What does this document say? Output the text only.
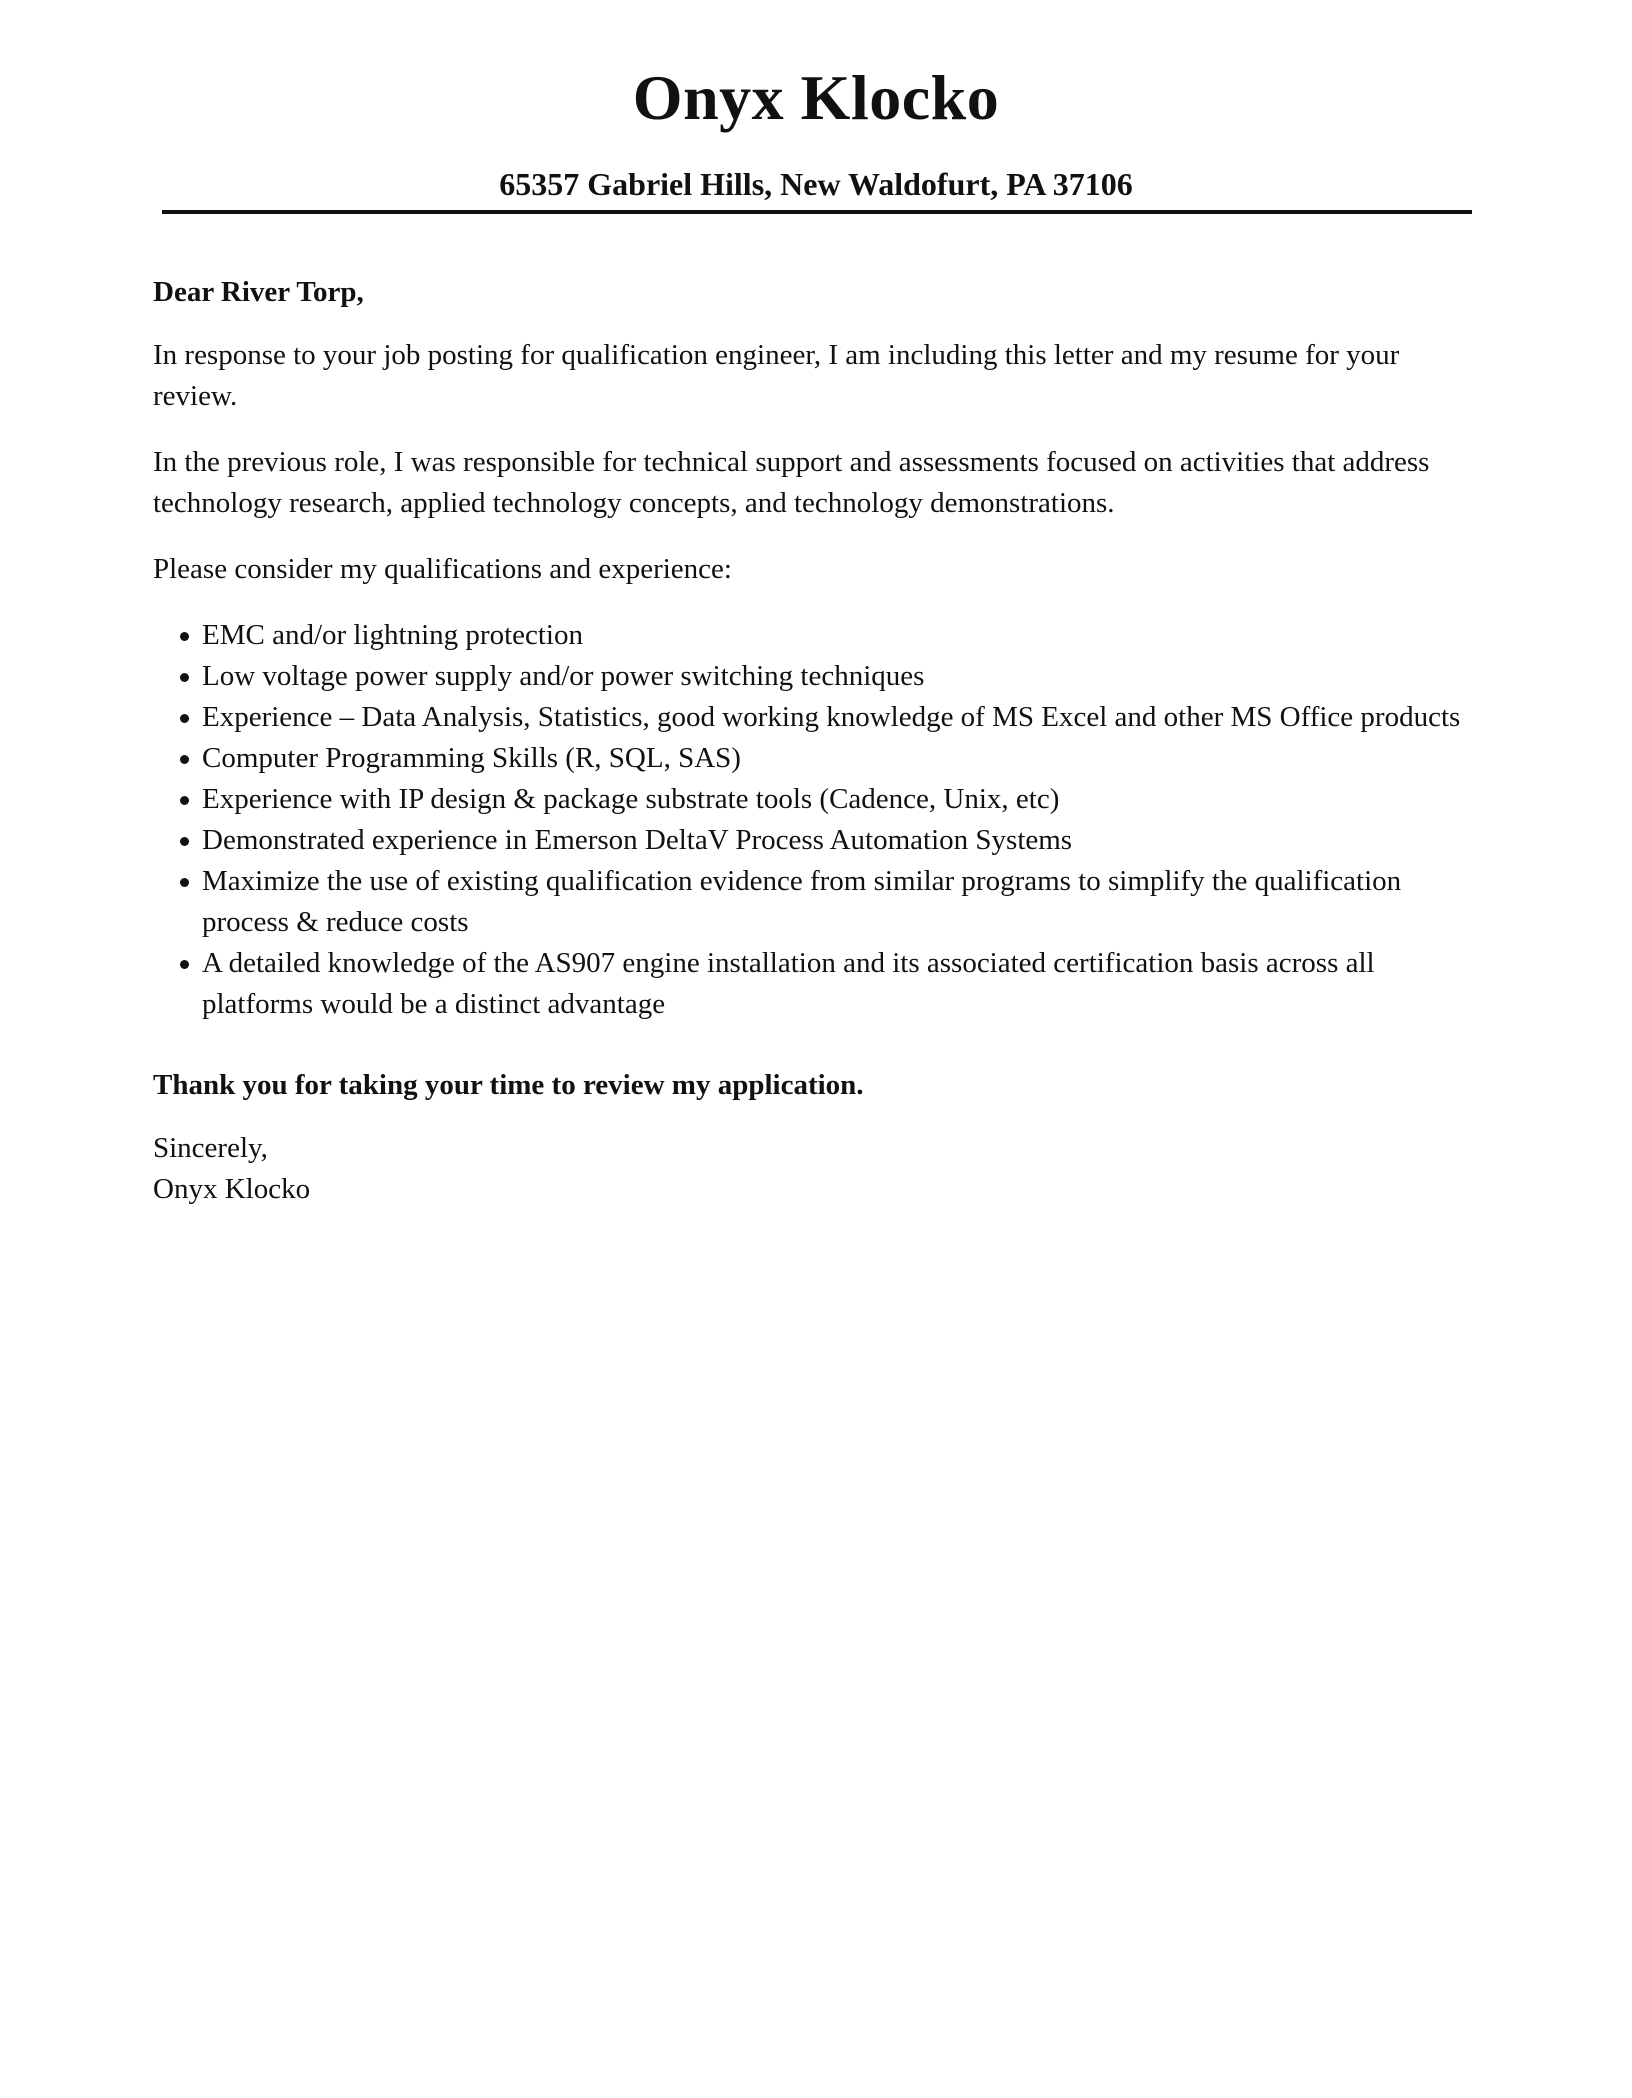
Onyx Klocko
65357 Gabriel Hills, New Waldofurt, PA 37106

Dear River Torp,

In response to your job posting for qualification engineer, I am including this letter and my resume for your review.

In the previous role, I was responsible for technical support and assessments focused on activities that address technology research, applied technology concepts, and technology demonstrations.

Please consider my qualifications and experience:

EMC and/or lightning protection
Low voltage power supply and/or power switching techniques
Experience – Data Analysis, Statistics, good working knowledge of MS Excel and other MS Office products
Computer Programming Skills (R, SQL, SAS)
Experience with IP design & package substrate tools (Cadence, Unix, etc)
Demonstrated experience in Emerson DeltaV Process Automation Systems
Maximize the use of existing qualification evidence from similar programs to simplify the qualification process & reduce costs
A detailed knowledge of the AS907 engine installation and its associated certification basis across all platforms would be a distinct advantage

Thank you for taking your time to review my application.

Sincerely,

Onyx Klocko
